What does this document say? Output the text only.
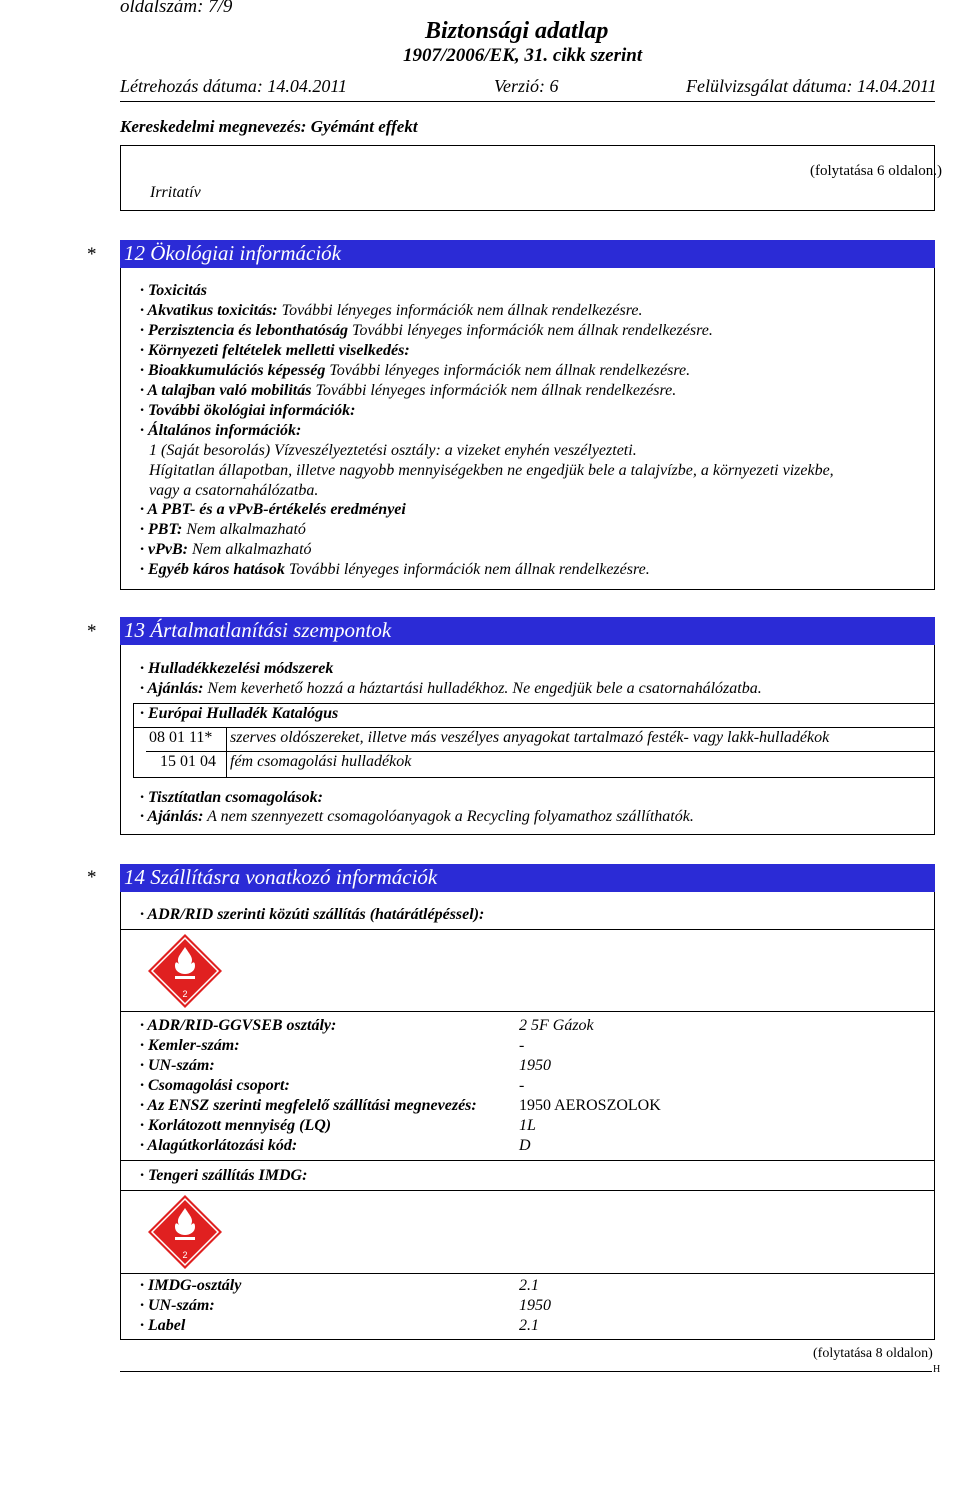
oldalszám: 7/9
Biztonsági adatlap
1907/2006/EK, 31. cikk szerint
Létrehozás dátuma: 14.04.2011	Verzió: 6	Felülvizsgálat dátuma: 14.04.2011
Kereskedelmi megnevezés: Gyémánt effekt
Irritatív
(folytatása 6 oldalon.)
* 12 Ökológiai információk
· Toxicitás
· Akvatikus toxicitás: További lényeges információk nem állnak rendelkezésre.
· Perzisztencia és lebonthatóság További lényeges információk nem állnak rendelkezésre.
· Környezeti feltételek melletti viselkedés:
· Bioakkumulációs képesség További lényeges információk nem állnak rendelkezésre.
· A talajban való mobilitás További lényeges információk nem állnak rendelkezésre.
· További ökológiai információk:
· Általános információk:
1 (Saját besorolás) Vízveszélyeztetési osztály: a vizeket enyhén veszélyezteti.
Hígitatlan állapotban, illetve nagyobb mennyiségekben ne engedjük bele a talajvízbe, a környezeti vizekbe,
vagy a csatornahálózatba.
· A PBT- és a vPvB-értékelés eredményei
· PBT: Nem alkalmazható
· vPvB: Nem alkalmazható
· Egyéb káros hatások További lényeges információk nem állnak rendelkezésre.
* 13 Ártalmatlanítási szempontok
· Hulladékkezelési módszerek
· Ajánlás: Nem keverhető hozzá a háztartási hulladékhoz. Ne engedjük bele a csatornahálózatba.
· Európai Hulladék Katalógus
08 01 11* szerves oldószereket, illetve más veszélyes anyagokat tartalmazó festék- vagy lakk-hulladékok
15 01 04 fém csomagolási hulladékok
· Tisztítatlan csomagolások:
· Ajánlás: A nem szennyezett csomagolóanyagok a Recycling folyamathoz szállíthatók.
* 14 Szállításra vonatkozó információk
· ADR/RID szerinti közúti szállítás (határátlépéssel):
2
· ADR/RID-GGVSEB osztály:	2 5F Gázok
· Kemler-szám:	-
· UN-szám:	1950
· Csomagolási csoport:	-
· Az ENSZ szerinti megfelelő szállítási megnevezés:	1950 AEROSZOLOK
· Korlátozott mennyiség (LQ)	1L
· Alagútkorlátozási kód:	D
· Tengeri szállítás IMDG:
2
· IMDG-osztály	2.1
· UN-szám:	1950
· Label	2.1
(folytatása 8 oldalon)
H
